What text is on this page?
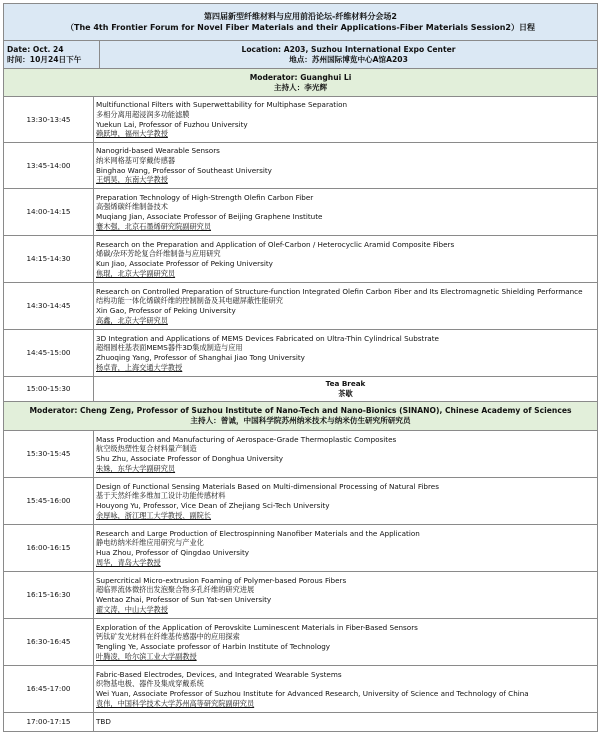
第四届新型纤维材料与应用前沿论坛-纤维材料分会场2
（The 4th Frontier Forum for Novel Fiber Materials and their Applications-Fiber Materials Session2）日程
Date: Oct. 24
时间：10月24日下午
Location: A203, Suzhou International Expo Center
地点：苏州国际博览中心A馆A203
Moderator: Guanghui Li
主持人：李光辉
13:30-13:45
Multifunctional Filters with Superwettability for Multiphase Separation
多相分离用超浸润多功能滤膜
Yuekun Lai, Professor of Fuzhou University
赖跃坤，福州大学教授
13:45-14:00
Nanogrid-based Wearable Sensors
纳米网格基可穿戴传感器
Binghao Wang, Professor of Southeast University
王炳昊，东南大学教授
14:00-14:15
Preparation Technology of High-Strength Olefin Carbon Fiber
高强烯碳纤维制备技术
Muqiang Jian, Associate Professor of Beijing Graphene Institute
蹇木强，北京石墨烯研究院副研究员
14:15-14:30
Research on the Preparation and Application of Olef-Carbon / Heterocyclic Aramid Composite Fibers
烯碳/杂环芳纶复合纤维制备与应用研究
Kun Jiao, Associate Professor of Peking University
焦琨，北京大学副研究员
14:30-14:45
Research on Controlled Preparation of Structure-function Integrated Olefin Carbon Fiber and Its Electromagnetic Shielding Performance
结构功能一体化烯碳纤维的控制制备及其电磁屏蔽性能研究
Xin Gao, Professor of Peking University
高鑫，北京大学研究员
14:45-15:00
3D Integration and Applications of MEMS Devices Fabricated on Ultra-Thin Cylindrical Substrate
超细圆柱基表面MEMS器件3D集成制造与应用
Zhuoqing Yang, Professor of Shanghai Jiao Tong University
杨卓青，上海交通大学教授
15:00-15:30
Tea Break
茶歇
Moderator: Cheng Zeng, Professor of Suzhou Institute of Nano-Tech and Nano-Bionics (SINANO), Chinese Academy of Sciences
主持人：曾诚，中国科学院苏州纳米技术与纳米仿生研究所研究员
15:30-15:45
Mass Production and Manufacturing of Aerospace-Grade Thermoplastic Composites
航空级热塑性复合材料量产制造
Shu Zhu, Associate Professor of Donghua University
朱姝，东华大学副研究员
15:45-16:00
Design of Functional Sensing Materials Based on Multi-dimensional Processing of Natural Fibres
基于天然纤维多维加工设计功能传感材料
Houyong Yu, Professor, Vice Dean of Zhejiang Sci-Tech University
余厚咏，浙江理工大学教授、副院长
16:00-16:15
Research and Large Production of Electrospinning Nanofiber Materials and the Application
静电纺纳米纤维应用研究与产业化
Hua Zhou, Professor of Qingdao University
周华，青岛大学教授
16:15-16:30
Supercritical Micro-extrusion Foaming of Polymer-based Porous Fibers
超临界流体微挤出发泡聚合物多孔纤维的研究进展
Wentao Zhai, Professor of Sun Yat-sen University
翟文涛，中山大学教授
16:30-16:45
Exploration of the Application of Perovskite Luminescent Materials in Fiber-Based Sensors
钙钛矿发光材料在纤维基传感器中的应用探索
Tengling Ye, Associate professor of Harbin Institute of Technology
叶腾凌，哈尔滨工业大学副教授
16:45-17:00
Fabric-Based Electrodes, Devices, and Integrated Wearable Systems
织物基电极、器件及集成穿戴系统
Wei Yuan, Associate Professor of Suzhou Institute for Advanced Research, University of Science and Technology of China
袁伟，中国科学技术大学苏州高等研究院副研究员
17:00-17:15	TBD
